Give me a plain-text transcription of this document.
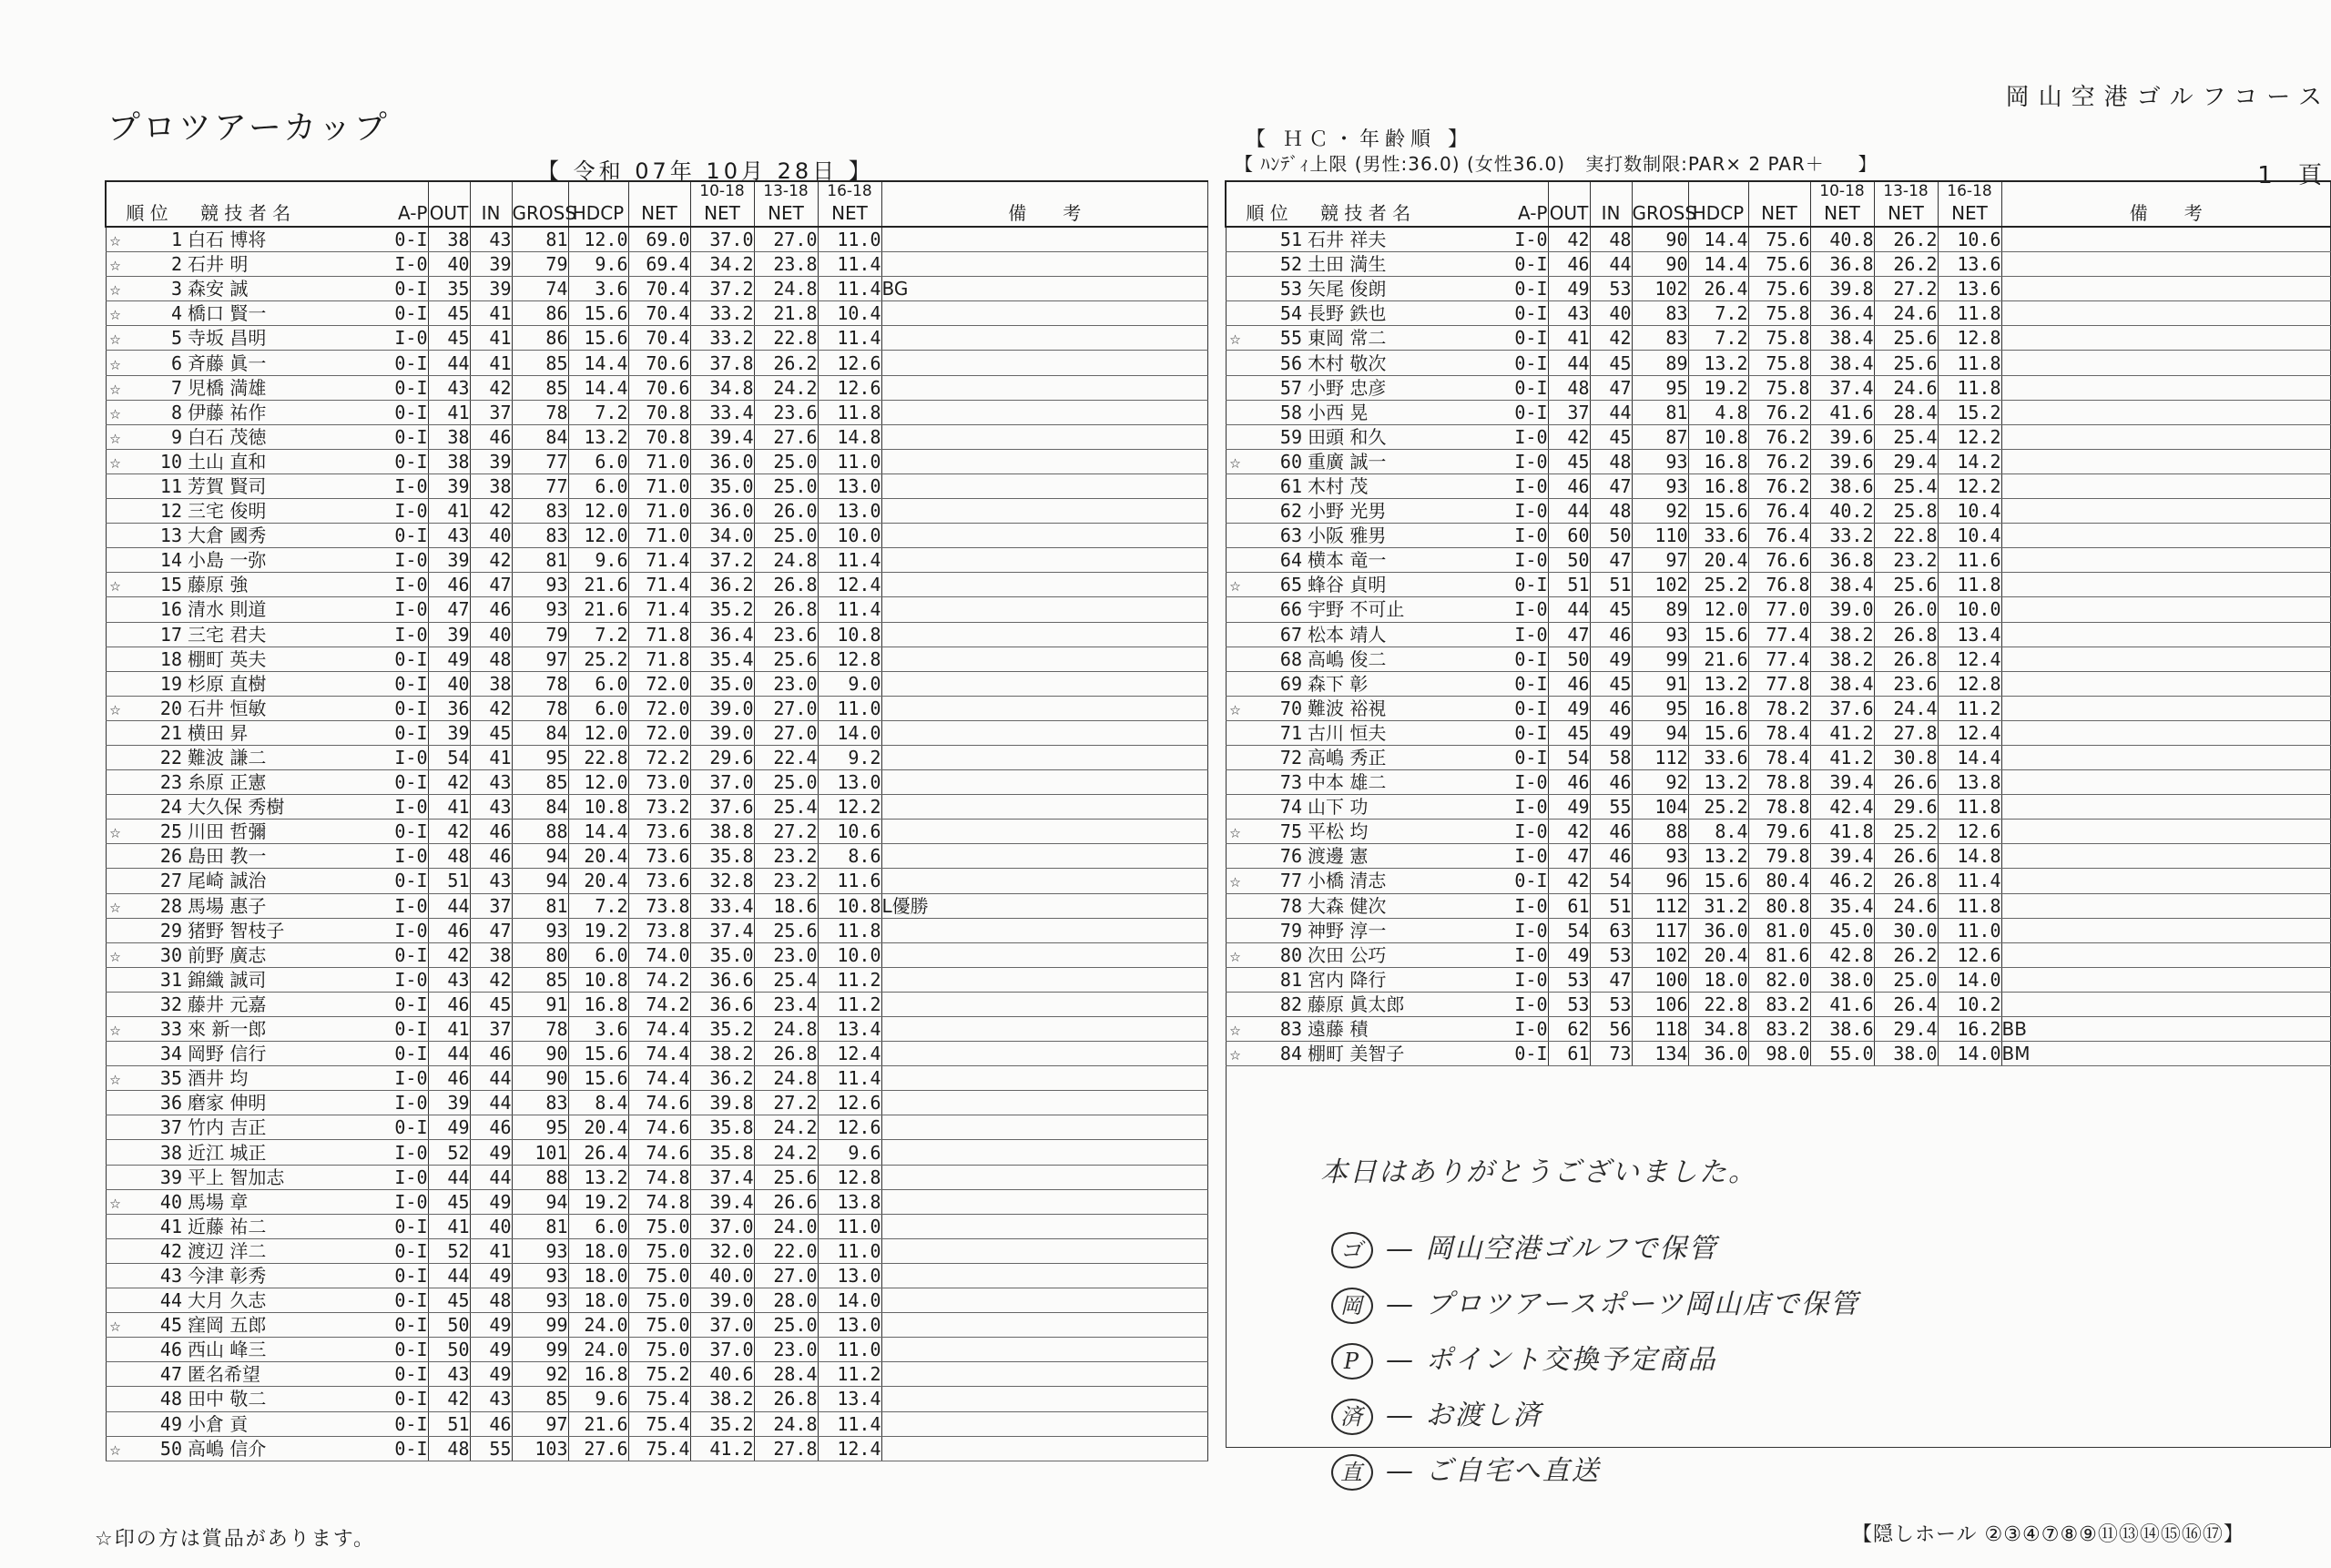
プロツアーカップ
岡山空港ゴルフコース
1 頁
【 令和 07年 10月 28日 】
【 ＨＣ・年齢順 】
【 ﾊﾝﾃﾞｨ上限 (男性:36.0) (女性36.0)   実打数制限:PAR× 2 PAR＋     】
								10-18	13-18	16-18	
順 位	競 技 者 名	A-P	OUT	IN	GROSS	HDCP	NET	NET	NET	NET	備　　考

☆ 1	白石 博将	0-I	38	43	81	12.0	69.0	37.0	27.0	11.0	

☆ 2	石井 明	I-0	40	39	79	9.6	69.4	34.2	23.8	11.4	

☆ 3	森安 誠	0-I	35	39	74	3.6	70.4	37.2	24.8	11.4	BG

☆ 4	橋口 賢一	0-I	45	41	86	15.6	70.4	33.2	21.8	10.4	

☆ 5	寺坂 昌明	I-0	45	41	86	15.6	70.4	33.2	22.8	11.4	

☆ 6	斉藤 眞一	0-I	44	41	85	14.4	70.6	37.8	26.2	12.6	

☆ 7	児橋 満雄	0-I	43	42	85	14.4	70.6	34.8	24.2	12.6	

☆ 8	伊藤 祐作	0-I	41	37	78	7.2	70.8	33.4	23.6	11.8	

☆ 9	白石 茂徳	0-I	38	46	84	13.2	70.8	39.4	27.6	14.8	

☆ 10	土山 直和	0-I	38	39	77	6.0	71.0	36.0	25.0	11.0	

11	芳賀 賢司	I-0	39	38	77	6.0	71.0	35.0	25.0	13.0	

12	三宅 俊明	I-0	41	42	83	12.0	71.0	36.0	26.0	13.0	

13	大倉 國秀	0-I	43	40	83	12.0	71.0	34.0	25.0	10.0	

14	小島 一弥	I-0	39	42	81	9.6	71.4	37.2	24.8	11.4	

☆ 15	藤原 強	I-0	46	47	93	21.6	71.4	36.2	26.8	12.4	

16	清水 則道	I-0	47	46	93	21.6	71.4	35.2	26.8	11.4	

17	三宅 君夫	I-0	39	40	79	7.2	71.8	36.4	23.6	10.8	

18	棚町 英夫	0-I	49	48	97	25.2	71.8	35.4	25.6	12.8	

19	杉原 直樹	0-I	40	38	78	6.0	72.0	35.0	23.0	9.0	

☆ 20	石井 恒敏	0-I	36	42	78	6.0	72.0	39.0	27.0	11.0	

21	横田 昇	0-I	39	45	84	12.0	72.0	39.0	27.0	14.0	

22	難波 謙二	I-0	54	41	95	22.8	72.2	29.6	22.4	9.2	

23	糸原 正憲	0-I	42	43	85	12.0	73.0	37.0	25.0	13.0	

24	大久保 秀樹	I-0	41	43	84	10.8	73.2	37.6	25.4	12.2	

☆ 25	川田 哲彌	0-I	42	46	88	14.4	73.6	38.8	27.2	10.6	

26	島田 教一	I-0	48	46	94	20.4	73.6	35.8	23.2	8.6	

27	尾崎 誠治	0-I	51	43	94	20.4	73.6	32.8	23.2	11.6	

☆ 28	馬場 惠子	I-0	44	37	81	7.2	73.8	33.4	18.6	10.8	L優勝

29	猪野 智枝子	I-0	46	47	93	19.2	73.8	37.4	25.6	11.8	

☆ 30	前野 廣志	0-I	42	38	80	6.0	74.0	35.0	23.0	10.0	

31	錦織 誠司	I-0	43	42	85	10.8	74.2	36.6	25.4	11.2	

32	藤井 元嘉	0-I	46	45	91	16.8	74.2	36.6	23.4	11.2	

☆ 33	來 新一郎	0-I	41	37	78	3.6	74.4	35.2	24.8	13.4	

34	岡野 信行	0-I	44	46	90	15.6	74.4	38.2	26.8	12.4	

☆ 35	酒井 均	I-0	46	44	90	15.6	74.4	36.2	24.8	11.4	

36	磨家 伸明	I-0	39	44	83	8.4	74.6	39.8	27.2	12.6	

37	竹内 吉正	0-I	49	46	95	20.4	74.6	35.8	24.2	12.6	

38	近江 城正	I-0	52	49	101	26.4	74.6	35.8	24.2	9.6	

39	平上 智加志	I-0	44	44	88	13.2	74.8	37.4	25.6	12.8	

☆ 40	馬場 章	I-0	45	49	94	19.2	74.8	39.4	26.6	13.8	

41	近藤 祐二	0-I	41	40	81	6.0	75.0	37.0	24.0	11.0	

42	渡辺 洋二	0-I	52	41	93	18.0	75.0	32.0	22.0	11.0	

43	今津 彰秀	0-I	44	49	93	18.0	75.0	40.0	27.0	13.0	

44	大月 久志	0-I	45	48	93	18.0	75.0	39.0	28.0	14.0	

☆ 45	窪岡 五郎	0-I	50	49	99	24.0	75.0	37.0	25.0	13.0	

46	西山 峰三	0-I	50	49	99	24.0	75.0	37.0	23.0	11.0	

47	匿名希望	0-I	43	49	92	16.8	75.2	40.6	28.4	11.2	

48	田中 敬二	0-I	42	43	85	9.6	75.4	38.2	26.8	13.4	

49	小倉 貢	0-I	51	46	97	21.6	75.4	35.2	24.8	11.4	

☆ 50	高嶋 信介	0-I	48	55	103	27.6	75.4	41.2	27.8	12.4	
								10-18	13-18	16-18	
順 位	競 技 者 名	A-P	OUT	IN	GROSS	HDCP	NET	NET	NET	NET	備　　考

51	石井 祥夫	I-0	42	48	90	14.4	75.6	40.8	26.2	10.6	

52	土田 満生	0-I	46	44	90	14.4	75.6	36.8	26.2	13.6	

53	矢尾 俊朗	0-I	49	53	102	26.4	75.6	39.8	27.2	13.6	

54	長野 鉄也	0-I	43	40	83	7.2	75.8	36.4	24.6	11.8	

☆ 55	東岡 常二	0-I	41	42	83	7.2	75.8	38.4	25.6	12.8	

56	木村 敬次	0-I	44	45	89	13.2	75.8	38.4	25.6	11.8	

57	小野 忠彦	0-I	48	47	95	19.2	75.8	37.4	24.6	11.8	

58	小西 晃	0-I	37	44	81	4.8	76.2	41.6	28.4	15.2	

59	田頭 和久	I-0	42	45	87	10.8	76.2	39.6	25.4	12.2	

☆ 60	重廣 誠一	I-0	45	48	93	16.8	76.2	39.6	29.4	14.2	

61	木村 茂	I-0	46	47	93	16.8	76.2	38.6	25.4	12.2	

62	小野 光男	I-0	44	48	92	15.6	76.4	40.2	25.8	10.4	

63	小阪 雅男	I-0	60	50	110	33.6	76.4	33.2	22.8	10.4	

64	横本 竜一	I-0	50	47	97	20.4	76.6	36.8	23.2	11.6	

☆ 65	蜂谷 貞明	0-I	51	51	102	25.2	76.8	38.4	25.6	11.8	

66	宇野 不可止	I-0	44	45	89	12.0	77.0	39.0	26.0	10.0	

67	松本 靖人	I-0	47	46	93	15.6	77.4	38.2	26.8	13.4	

68	高嶋 俊二	0-I	50	49	99	21.6	77.4	38.2	26.8	12.4	

69	森下 彰	0-I	46	45	91	13.2	77.8	38.4	23.6	12.8	

☆ 70	難波 裕視	0-I	49	46	95	16.8	78.2	37.6	24.4	11.2	

71	古川 恒夫	0-I	45	49	94	15.6	78.4	41.2	27.8	12.4	

72	高嶋 秀正	0-I	54	58	112	33.6	78.4	41.2	30.8	14.4	

73	中本 雄二	I-0	46	46	92	13.2	78.8	39.4	26.6	13.8	

74	山下 功	I-0	49	55	104	25.2	78.8	42.4	29.6	11.8	

☆ 75	平松 均	I-0	42	46	88	8.4	79.6	41.8	25.2	12.6	

76	渡邊 憲	I-0	47	46	93	13.2	79.8	39.4	26.6	14.8	

☆ 77	小橋 清志	0-I	42	54	96	15.6	80.4	46.2	26.8	11.4	

78	大森 健次	I-0	61	51	112	31.2	80.8	35.4	24.6	11.8	

79	神野 淳一	I-0	54	63	117	36.0	81.0	45.0	30.0	11.0	

☆ 80	次田 公巧	I-0	49	53	102	20.4	81.6	42.8	26.2	12.6	

81	宮内 降行	I-0	53	47	100	18.0	82.0	38.0	25.0	14.0	

82	藤原 眞太郎	I-0	53	53	106	22.8	83.2	41.6	26.4	10.2	

☆ 83	遠藤 積	I-0	62	56	118	34.8	83.2	38.6	29.4	16.2	BB

☆ 84	棚町 美智子	0-I	61	73	134	36.0	98.0	55.0	38.0	14.0	BM

本日はありがとうございました。
ゴ — 岡山空港ゴルフで保管
岡 — プロツアースポーツ岡山店で保管
P — ポイント交換予定商品
済 — お渡し済
直 — ご自宅へ直送
☆印の方は賞品があります。	【隠しホール ②③④⑦⑧⑨⑪⑬⑭⑮⑯⑰】
